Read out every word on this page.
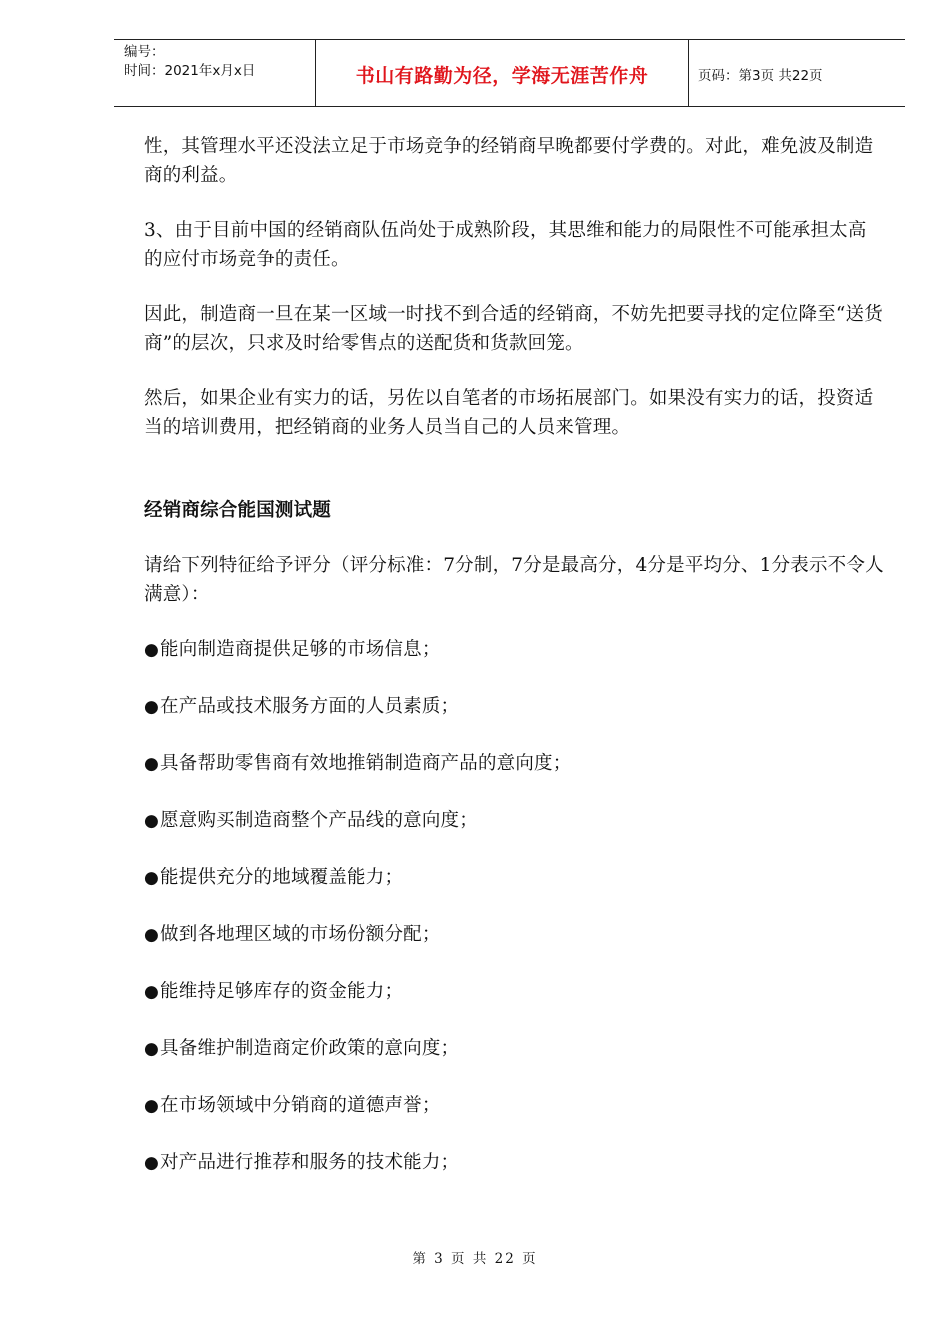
编号：
时间：2021年x月x日	书山有路勤为径，学海无涯苦作舟	页码：第3页 共22页

性，其管理水平还没法立足于市场竞争的经销商早晚都要付学费的。对此，难免波及制造商的利益。

3、由于目前中国的经销商队伍尚处于成熟阶段，其思维和能力的局限性不可能承担太高的应付市场竞争的责任。

因此，制造商一旦在某一区域一时找不到合适的经销商，不妨先把要寻找的定位降至“送货商”的层次，只求及时给零售点的送配货和货款回笼。

然后，如果企业有实力的话，另佐以自笔者的市场拓展部门。如果没有实力的话，投资适当的培训费用，把经销商的业务人员当自己的人员来管理。

经销商综合能国测试题

请给下列特征给予评分（评分标准：7分制，7分是最高分，4分是平均分、1分表示不令人满意）：

●能向制造商提供足够的市场信息；
●在产品或技术服务方面的人员素质；
●具备帮助零售商有效地推销制造商产品的意向度；
●愿意购买制造商整个产品线的意向度；
●能提供充分的地域覆盖能力；
●做到各地理区域的市场份额分配；
●能维持足够库存的资金能力；
●具备维护制造商定价政策的意向度；
●在市场领域中分销商的道德声誉；
●对产品进行推荐和服务的技术能力；
第 3 页 共 22 页
